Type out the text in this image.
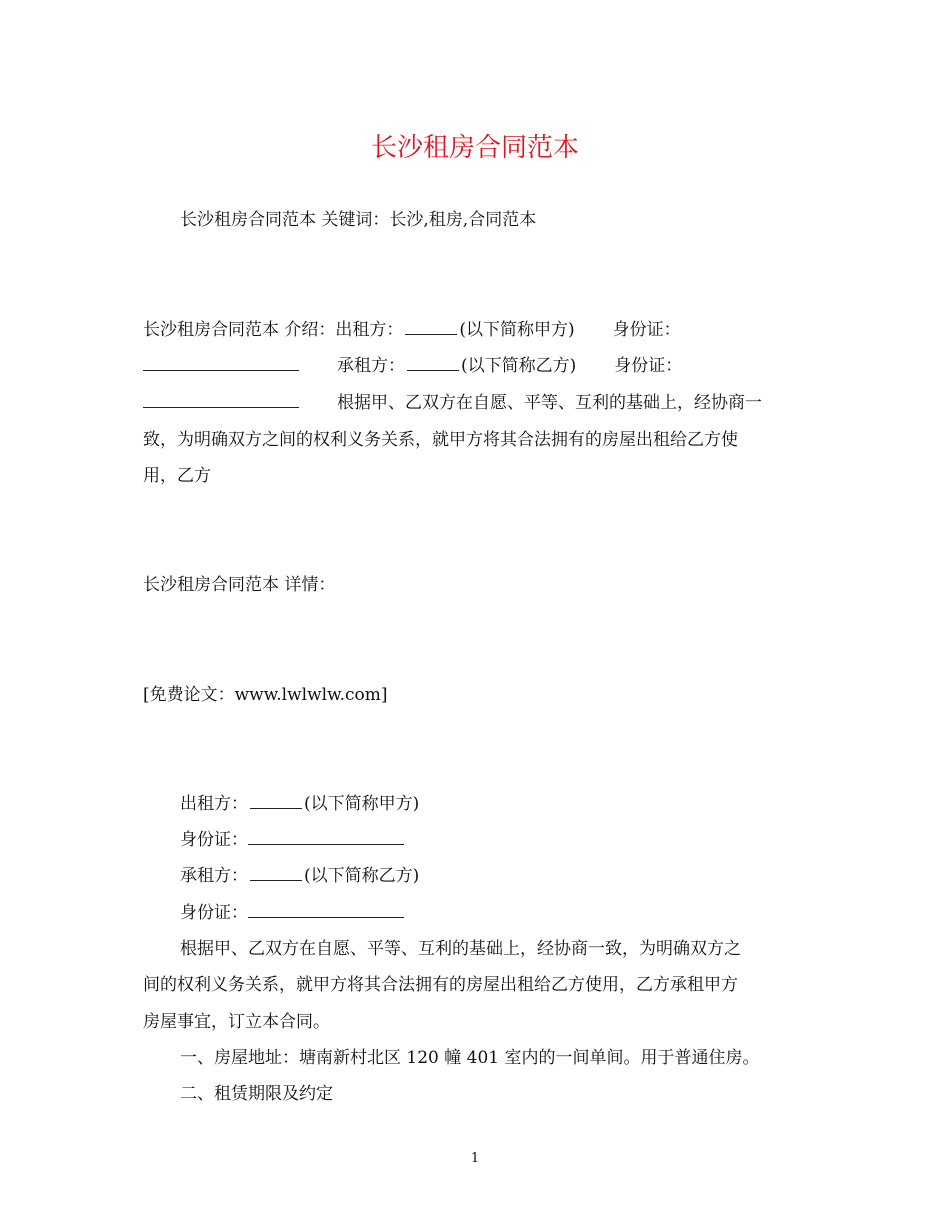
长沙租房合同范本

长沙租房合同范本 关键词：长沙,租房,合同范本

长沙租房合同范本 介绍：出租方：	(以下简称甲方) 身份证：

承租方：	(以下简称乙方) 身份证：

根据甲、乙双方在自愿、平等、互利的基础上，经协商一

致，为明确双方之间的权利义务关系，就甲方将其合法拥有的房屋出租给乙方使

用，乙方

长沙租房合同范本 详情：

[免费论文：www.lwlwlw.com]

出租方：	(以下简称甲方)

身份证：

承租方：	(以下简称乙方)

身份证：

根据甲、乙双方在自愿、平等、互利的基础上，经协商一致，为明确双方之

间的权利义务关系，就甲方将其合法拥有的房屋出租给乙方使用，乙方承租甲方

房屋事宜，订立本合同。

一、房屋地址：塘南新村北区 120 幢 401 室内的一间单间。用于普通住房。

二、租赁期限及约定

1
